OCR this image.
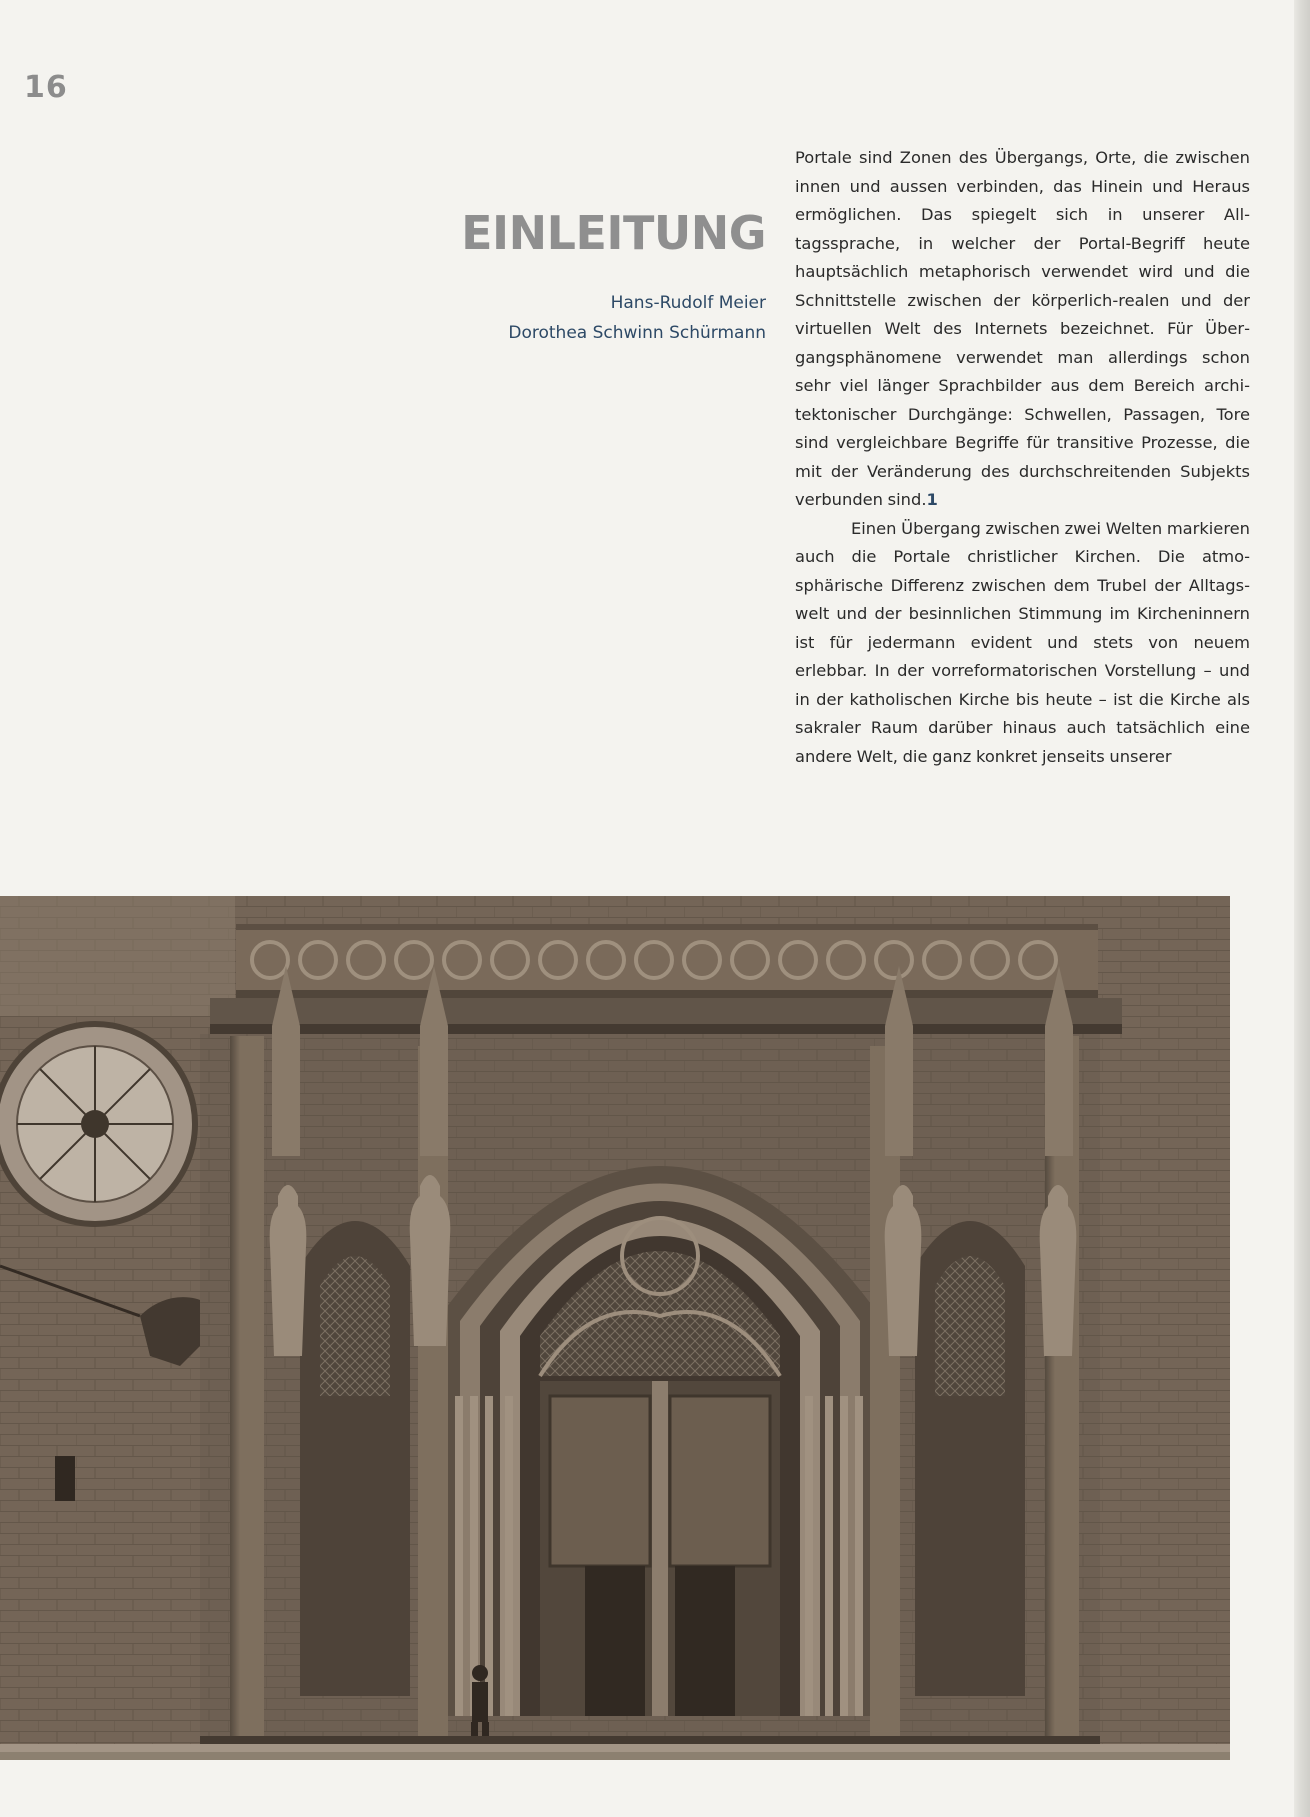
16
EINLEITUNG
Hans-Rudolf Meier
Dorothea Schwinn Schürmann

Portale sind Zonen des Übergangs, Orte, die zwischen innen und aussen verbinden, das Hinein und Heraus ermöglichen. Das spiegelt sich in unserer Alltagssprache, in welcher der Portal-Begriff heute hauptsächlich metaphorisch verwendet wird und die Schnittstelle zwischen der körperlich-realen und der virtuellen Welt des Internets bezeichnet. Für Übergangsphänomene verwendet man allerdings schon sehr viel länger Sprachbilder aus dem Bereich architektonischer Durchgänge: Schwellen, Passagen, Tore sind vergleichbare Begriffe für transitive Prozesse, die mit der Veränderung des durchschreitenden Subjekts verbunden sind.1

Einen Übergang zwischen zwei Welten markieren auch die Portale christlicher Kirchen. Die atmosphärische Differenz zwischen dem Trubel der Alltagswelt und der besinnlichen Stimmung im Kircheninnern ist für jedermann evident und stets von neuem erlebbar. In der vorreformatorischen Vorstellung – und in der katholischen Kirche bis heute – ist die Kirche als sakraler Raum darüber hinaus auch tatsächlich eine andere Welt, die ganz konkret jenseits unserer
